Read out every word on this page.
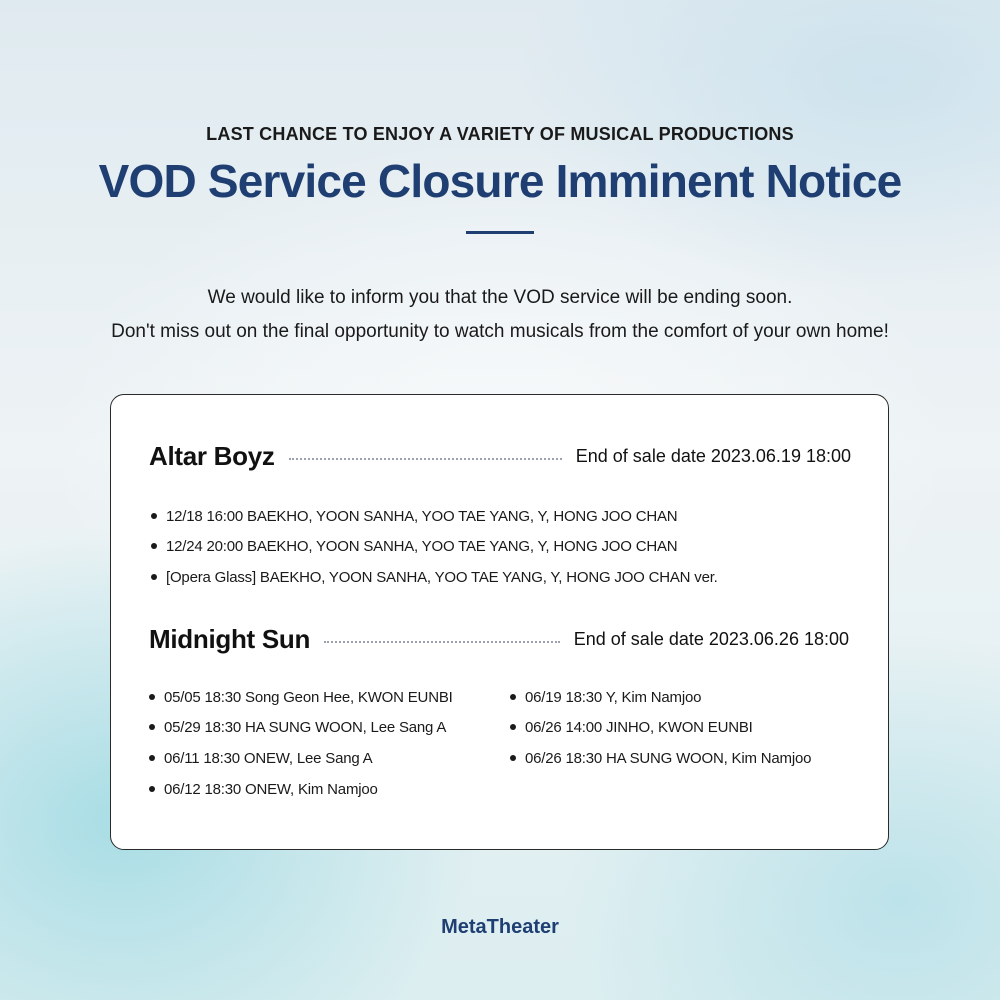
LAST CHANCE TO ENJOY A VARIETY OF MUSICAL PRODUCTIONS
VOD Service Closure Imminent Notice
We would like to inform you that the VOD service will be ending soon.
Don't miss out on the final opportunity to watch musicals from the comfort of your own home!
Altar Boyz	End of sale date 2023.06.19 18:00
12/18 16:00 BAEKHO, YOON SANHA, YOO TAE YANG, Y, HONG JOO CHAN
12/24 20:00 BAEKHO, YOON SANHA, YOO TAE YANG, Y, HONG JOO CHAN
[Opera Glass] BAEKHO, YOON SANHA, YOO TAE YANG, Y, HONG JOO CHAN ver.
Midnight Sun	End of sale date 2023.06.26 18:00
05/05 18:30 Song Geon Hee, KWON EUNBI
05/29 18:30 HA SUNG WOON, Lee Sang A
06/11 18:30 ONEW, Lee Sang A
06/12 18:30 ONEW, Kim Namjoo
06/19 18:30 Y, Kim Namjoo
06/26 14:00 JINHO, KWON EUNBI
06/26 18:30 HA SUNG WOON, Kim Namjoo
MetaTheater
